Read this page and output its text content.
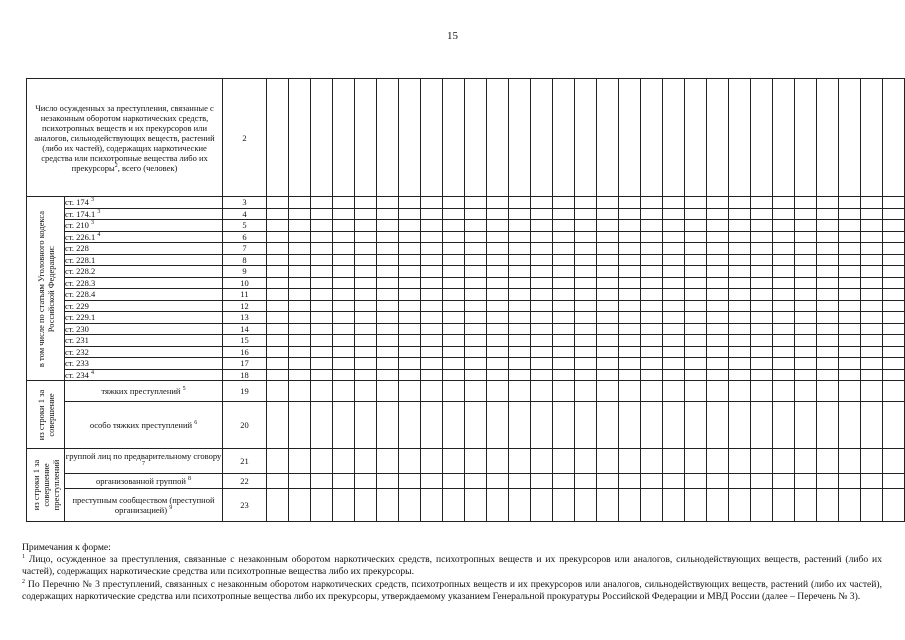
15
Число осужденных за преступления, связанные с незаконным оборотом наркотических средств, психотропных веществ и их прекурсоров или аналогов, сильнодействующих веществ, растений (либо их частей), содержащих наркотические средства или психотропные вещества либо их прекурсоры$^2$, всего (человек)		2																													

в том числе по статьям Уголовного кодекса Российской Федерации:	ст. 174 $^3$	3																													
	ст. 174.1 $^3$	4																													
	ст. 210 $^3$	5																													
	ст. 226.1 $^4$	6																													
	ст. 228	7																													
	ст. 228.1	8																													
	ст. 228.2	9																													
	ст. 228.3	10																													
	ст. 228.4	11																													
	ст. 229	12																													
	ст. 229.1	13																													
	ст. 230	14																													
	ст. 231	15																													
	ст. 232	16																													
	ст. 233	17																													
	ст. 234 $^4$	18																													

из строки 1 за совершение	тяжких преступлений $^5$	19																													
	особо тяжких преступлений $^6$	20																													

из строки 1 за совершение преступлений	группой лиц по предварительному сговору $^7$	21																													
	организованной группой $^8$	22																													
	преступным сообществом (преступной организацией) $^9$	23																													

Примечания к форме:

$^1$ Лицо, осужденное за преступления, связанные с незаконным оборотом наркотических средств, психотропных веществ и их прекурсоров или аналогов, сильнодействующих веществ, растений (либо их частей), содержащих наркотические средства или психотропные вещества либо их прекурсоры.

$^2$ По Перечню № 3 преступлений, связанных с незаконным оборотом наркотических средств, психотропных веществ и их прекурсоров или аналогов, сильнодействующих веществ, растений (либо их частей), содержащих наркотические средства или психотропные вещества либо их прекурсоры, утверждаемому указанием Генеральной прокуратуры Российской Федерации и МВД России (далее – Перечень № 3).
